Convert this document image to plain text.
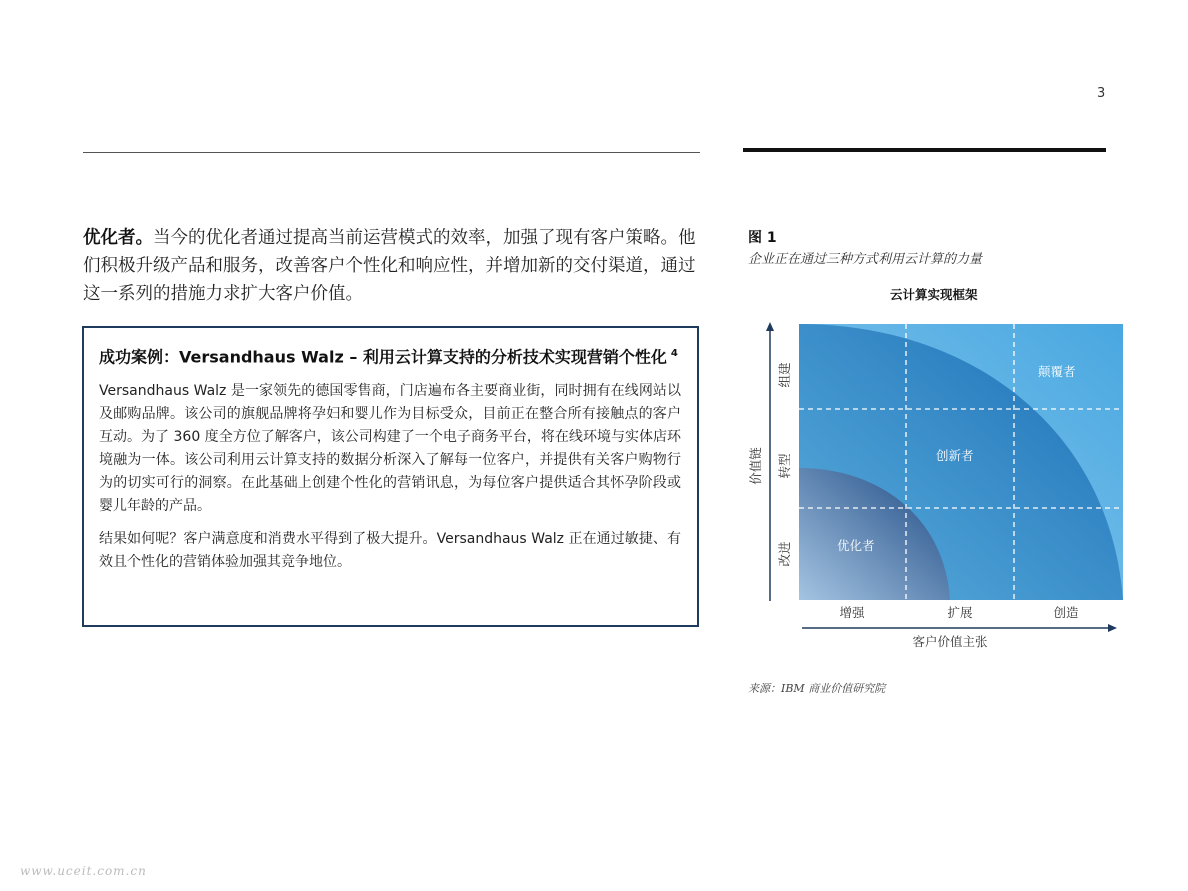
3
优化者。当今的优化者通过提高当前运营模式的效率，加强了现有客户策略。他们积极升级产品和服务，改善客户个性化和响应性，并增加新的交付渠道，通过这一系列的措施力求扩大客户价值。
成功案例：Versandhaus Walz – 利用云计算支持的分析技术实现营销个性化 $^4$

Versandhaus Walz 是一家领先的德国零售商，门店遍布各主要商业街，同时拥有在线网站以及邮购品牌。该公司的旗舰品牌将孕妇和婴儿作为目标受众，目前正在整合所有接触点的客户互动。为了 360 度全方位了解客户，该公司构建了一个电子商务平台，将在线环境与实体店环境融为一体。该公司利用云计算支持的数据分析深入了解每一位客户，并提供有关客户购物行为的切实可行的洞察。在此基础上创建个性化的营销讯息，为每位客户提供适合其怀孕阶段或婴儿年龄的产品。

结果如何呢？客户满意度和消费水平得到了极大提升。Versandhaus Walz 正在通过敏捷、有效且个性化的营销体验加强其竞争地位。

图 1
企业正在通过三种方式利用云计算的力量
云计算实现框架
组建
转型
改进
价值链
增强	扩展	创造
客户价值主张
优化者
创新者
颠覆者
来源：IBM 商业价值研究院
www.uceit.com.cn
